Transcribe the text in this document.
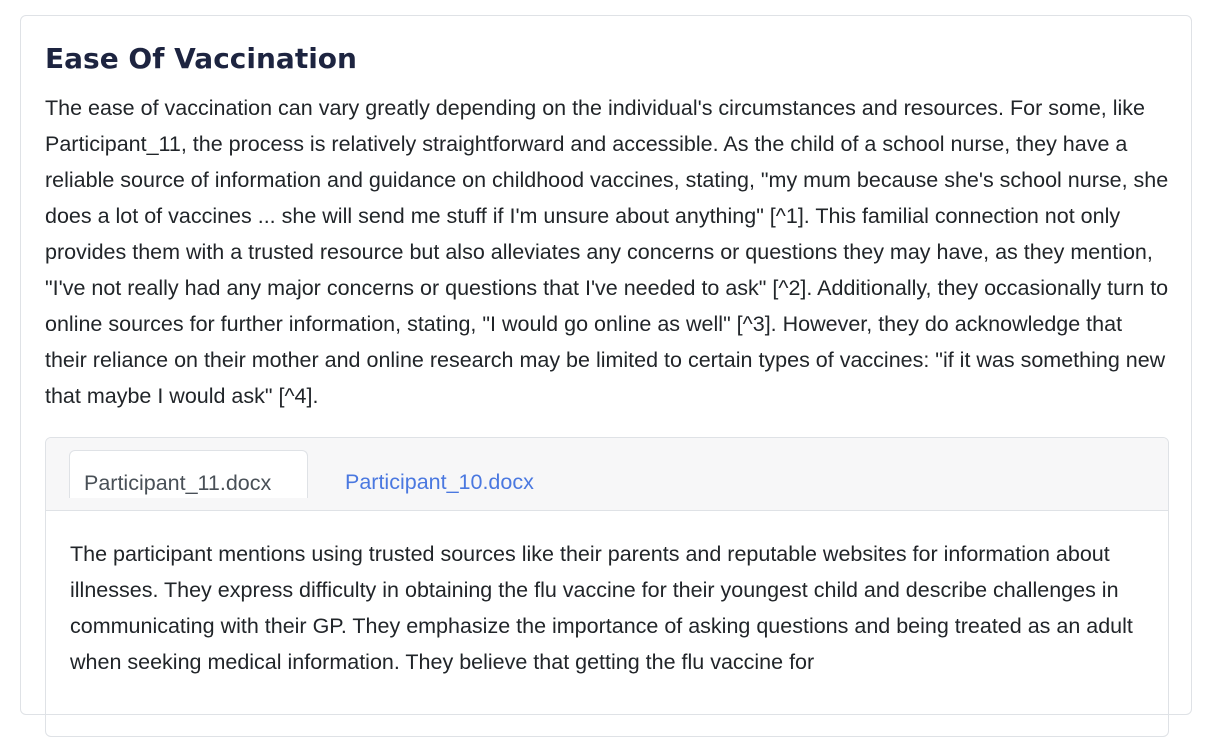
Ease Of Vaccination

The ease of vaccination can vary greatly depending on the individual's circumstances and resources. For some, like Participant_11, the process is relatively straightforward and accessible. As the child of a school nurse, they have a reliable source of information and guidance on childhood vaccines, stating, "my mum because she's school nurse, she does a lot of vaccines ... she will send me stuff if I'm unsure about anything" [^1]. This familial connection not only provides them with a trusted resource but also alleviates any concerns or questions they may have, as they mention, "I've not really had any major concerns or questions that I've needed to ask" [^2]. Additionally, they occasionally turn to online sources for further information, stating, "I would go online as well" [^3]. However, they do acknowledge that their reliance on their mother and online research may be limited to certain types of vaccines: "if it was something new that maybe I would ask" [^4].

Participant_11.docx	Participant_10.docx

The participant mentions using trusted sources like their parents and reputable websites for information about illnesses. They express difficulty in obtaining the flu vaccine for their youngest child and describe challenges in communicating with their GP. They emphasize the importance of asking questions and being treated as an adult when seeking medical information. They believe that getting the flu vaccine for
